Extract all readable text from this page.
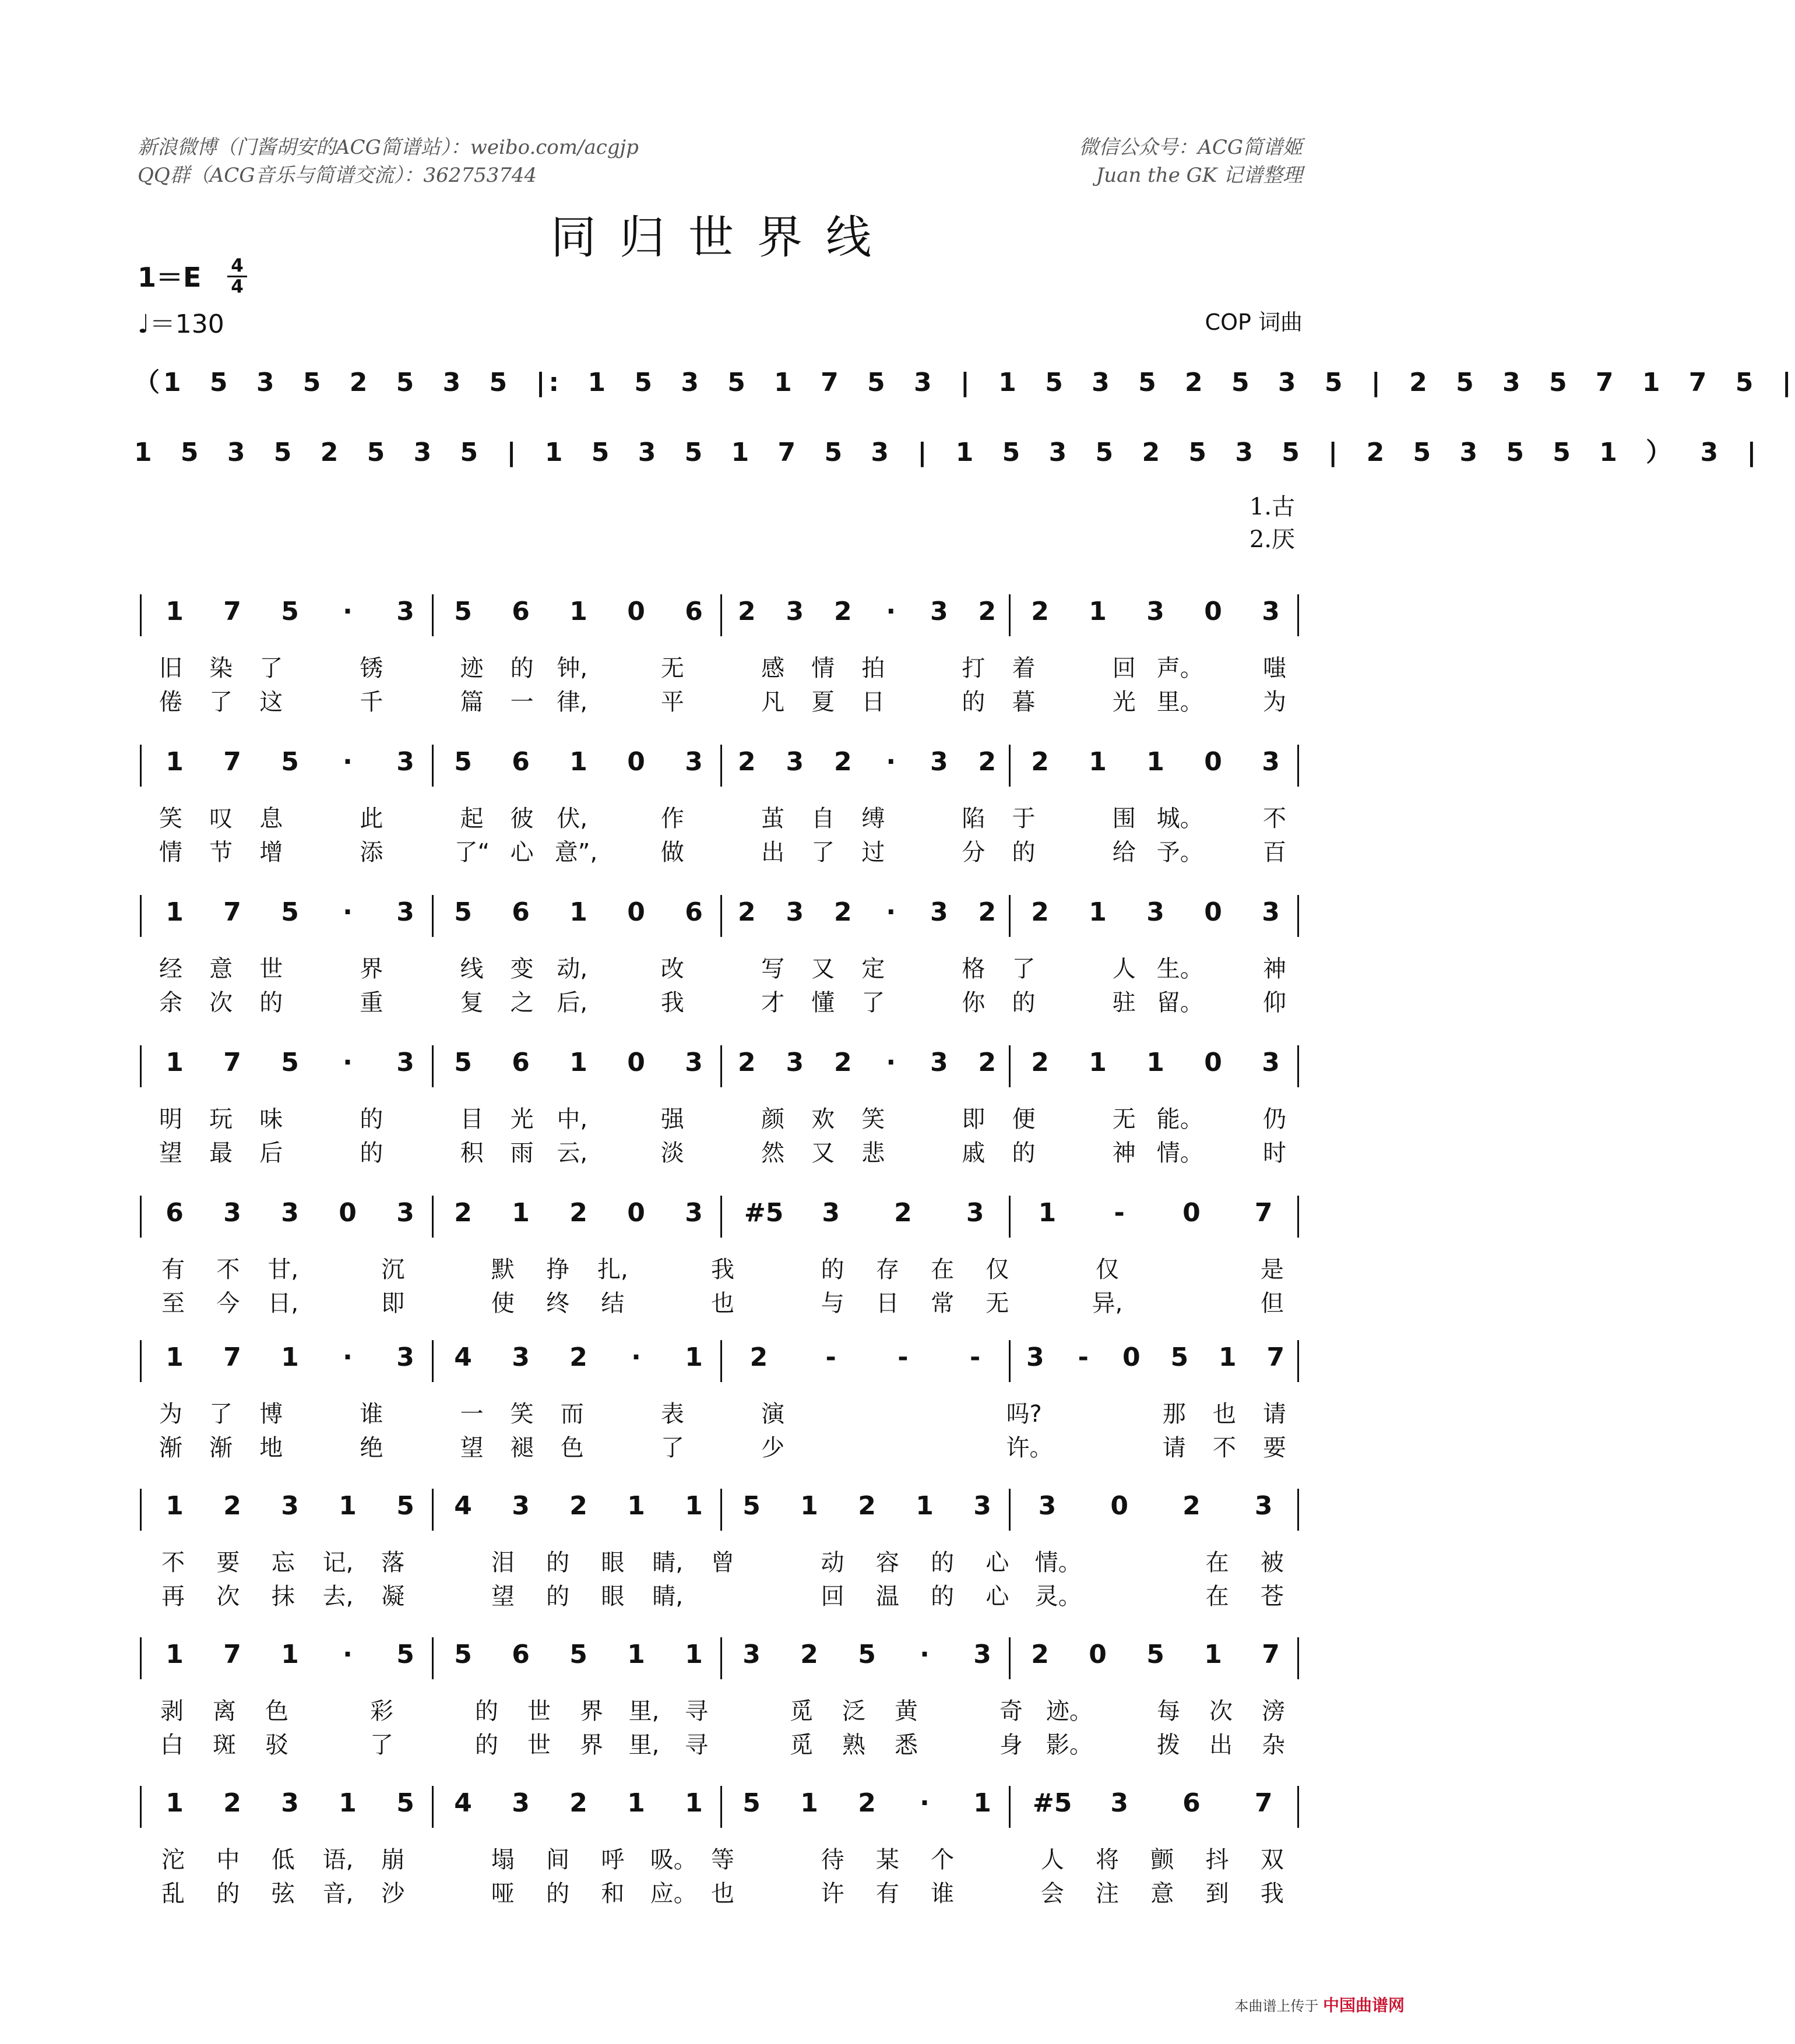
新浪微博（门酱胡安的ACG简谱站）：weibo.com/acgjp
QQ群（ACG音乐与简谱交流）：362753744
微信公众号：ACG简谱姬
Juan the GK 记谱整理
同归世界线
$1=E \frac{4}{4}$
♩＝130	COP 词曲
（1 5 3 5 2 5 3 5 |: 1 5 3 5 1 7 5 3 | 1 5 3 5 2 5 3 5 | 2 5 3 5 7 1 7 5 |
1 5 3 5 2 5 3 5 | 1 5 3 5 1 7 5 3 | 1 5 3 5 2 5 3 5 | 2 5 3 5 5 1 ） 3 |
1 7 5	·	3 5 6 1 0 6 2 3 2	·	3 2 2 1 3 0 3
旧 染 了	锈	迹 的 钟,	无	感 情 拍	打 着	回 声。	嗤
倦 了 这	千	篇 一 律,	平	凡 夏 日	的 暮	光 里。	为
1 7 5	·	3 5 6 1 0 3 2 3 2	·	3 2 2 1 1 0 3
笑 叹 息	此	起 彼 伏,	作	茧 自 缚	陷 于	围 城。	不
情 节 增	添	了“ 心 意”,	做	出 了 过	分 的	给 予。	百
1 7 5	·	3 5 6 1 0 6 2 3 2	·	3 2 2 1 3 0 3
经 意 世	界	线 变 动,	改	写 又 定	格 了	人 生。	神
余 次 的	重	复 之 后,	我	才 懂 了	你 的	驻 留。	仰
1 7 5	·	3 5 6 1 0 3 2 3 2	·	3 2 2 1 1 0 3
明 玩 味	的	目 光 中,	强	颜 欢 笑	即 便	无 能。	仍
望 最 后	的	积 雨 云,	淡	然 又 悲	戚 的	神 情。	时
6 3 3 0 3 2 1 2 0 3 #5 3 2 3 1	-	0 7
有 不 甘,	沉	默 挣 扎,	我	的 存 在 仅	仅	是
至 今 日,	即	使 终 结	也	与 日 常 无	异,	但
1 7 1	·	3 4 3 2	·	1 2	-	-	-	3	-	0 5 1 7
为 了 博	谁	一 笑 而	表	演	吗?	那 也 请
渐 渐 地	绝	望 褪 色	了	少	许。	请 不 要
1 2 3 1 5 4 3 2 1 1 5 1 2 1 3 3 0 2 3
不 要 忘 记, 落	泪 的 眼 睛, 曾	动 容 的 心 情。	在 被
再 次 抹 去, 凝	望 的 眼 睛,	回 温 的 心 灵。	在 苍
1 7 1	·	5 5 6 5 1 1 3 2 5	·	3 2 0 5 1 7
剥 离 色	彩	的 世 界 里, 寻	觅 泛 黄	奇 迹。	每 次 滂
白 斑 驳	了	的 世 界 里, 寻	觅 熟 悉	身 影。	拨 出 杂
1 2 3 1 5 4 3 2 1 1 5 1 2	·	1 #5 3 6 7
沱 中 低 语, 崩	塌 间 呼 吸。 等	待 某 个	人 将 颤 抖 双
乱 的 弦 音, 沙	哑 的 和 应。 也	许 有 谁	会 注 意 到 我
1.古
2.厌
本曲谱上传于 中国曲谱网
